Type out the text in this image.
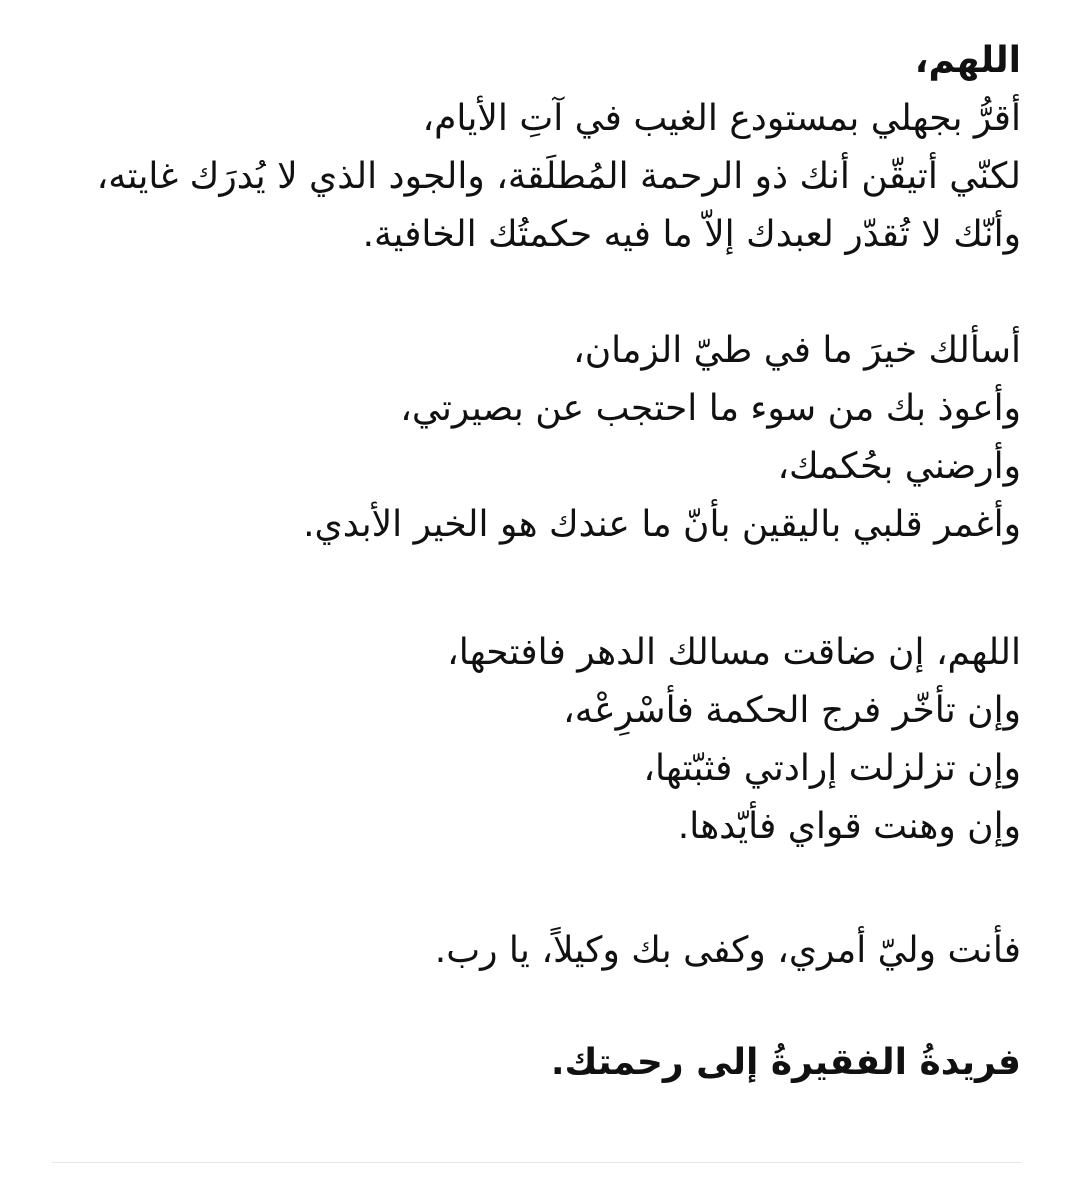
اللهم،
أقرُّ بجهلي بمستودع الغيب في آتِ الأيام،
لكنّي أتيقّن أنك ذو الرحمة المُطلَقة، والجود الذي لا يُدرَك غايته،
وأنّك لا تُقدّر لعبدك إلاّ ما فيه حكمتُك الخافية.
أسألك خيرَ ما في طيّ الزمان،
وأعوذ بك من سوء ما احتجب عن بصيرتي،
وأرضني بحُكمك،
وأغمر قلبي باليقين بأنّ ما عندك هو الخير الأبدي.
اللهم، إن ضاقت مسالك الدهر فافتحها،
وإن تأخّر فرج الحكمة فأسْرِعْه،
وإن تزلزلت إرادتي فثبّتها،
وإن وهنت قواي فأيّدها.
فأنت وليّ أمري، وكفى بك وكيلاً، يا رب.
فريدةُ الفقيرةُ إلى رحمتك.
